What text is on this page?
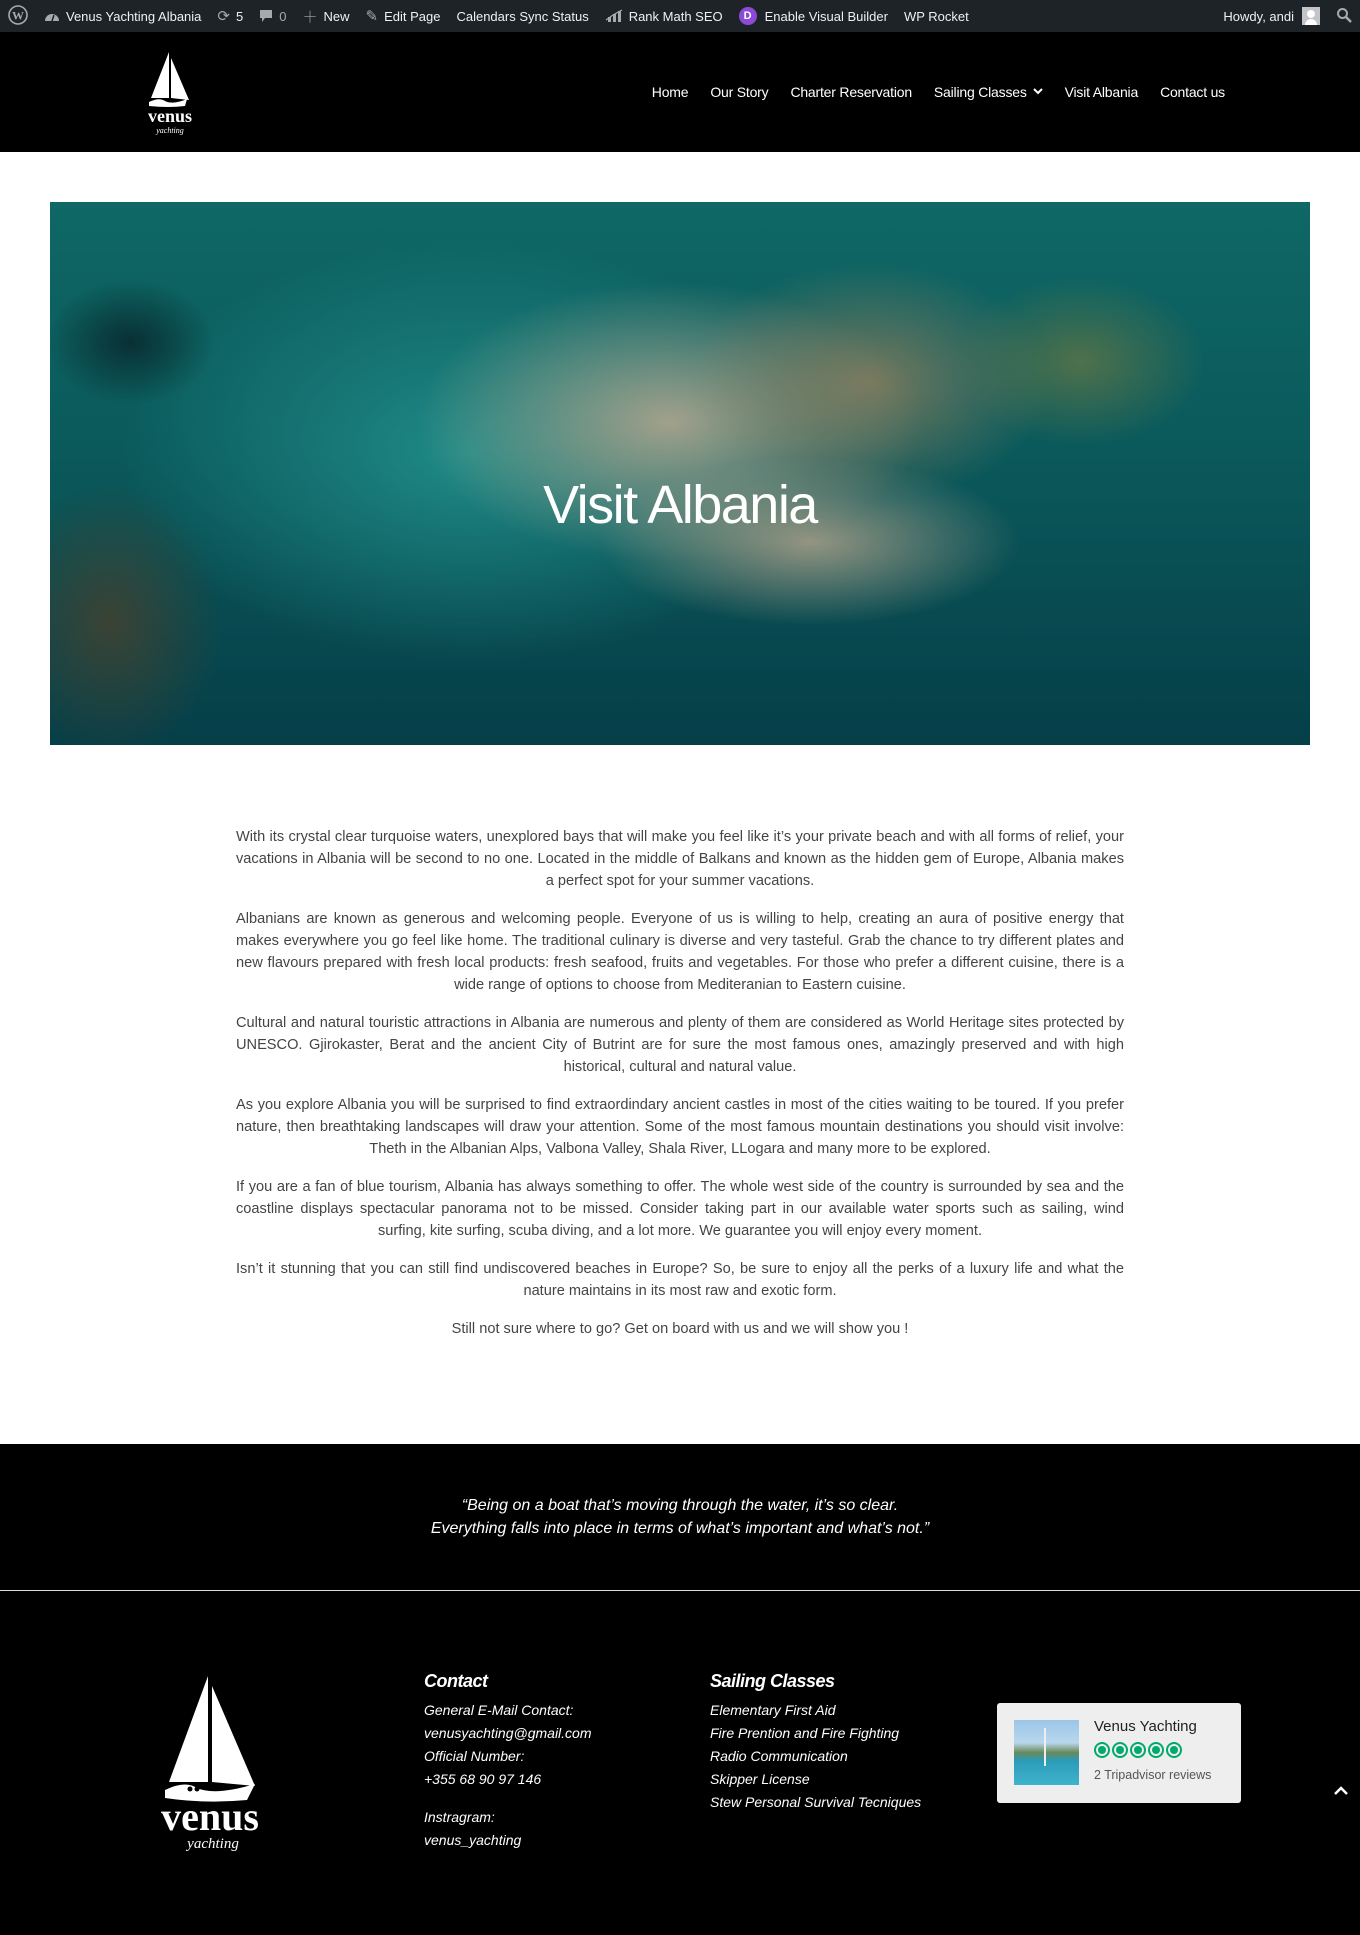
W	Venus Yachting Albania ⟳ 5	0 ＋ New ✎ Edit Page Calendars Sync Status	Rank Math SEO	D	Enable Visual Builder WP Rocket	Howdy, andi
venus
yachting
Home Our Story Charter Reservation Sailing Classes	Visit Albania Contact us
Visit Albania

With its crystal clear turquoise waters, unexplored bays that will make you feel like it’s your private beach and with all forms of relief, your vacations in Albania will be second to no one. Located in the middle of Balkans and known as the hidden gem of Europe, Albania makes a perfect spot for your summer vacations.

Albanians are known as generous and welcoming people. Everyone of us is willing to help, creating an aura of positive energy that makes everywhere you go feel like home. The traditional culinary is diverse and very tasteful. Grab the chance to try different plates and new flavours prepared with fresh local products: fresh seafood, fruits and vegetables. For those who prefer a different cuisine, there is a wide range of options to choose from Mediteranian to Eastern cuisine.

Cultural and natural touristic attractions in Albania are numerous and plenty of them are considered as World Heritage sites protected by UNESCO. Gjirokaster, Berat and the ancient City of Butrint are for sure the most famous ones, amazingly preserved and with high historical, cultural and natural value.

As you explore Albania you will be surprised to find extraordindary ancient castles in most of the cities waiting to be toured. If you prefer nature, then breathtaking landscapes will draw your attention. Some of the most famous mountain destinations you should visit involve: Theth in the Albanian Alps, Valbona Valley, Shala River, LLogara and many more to be explored.

If you are a fan of blue tourism, Albania has always something to offer. The whole west side of the country is surrounded by sea and the coastline displays spectacular panorama not to be missed. Consider taking part in our available water sports such as sailing, wind surfing, kite surfing, scuba diving, and a lot more. We guarantee you will enjoy every moment.

Isn’t it stunning that you can still find undiscovered beaches in Europe? So, be sure to enjoy all the perks of a luxury life and what the nature maintains in its most raw and exotic form.

Still not sure where to go? Get on board with us and we will show you !

“Being on a boat that’s moving through the water, it’s so clear.
Everything falls into place in terms of what’s important and what’s not.”
venus
yachting
Contact
General E-Mail Contact:
venusyachting@gmail.com
Official Number:
+355 68 90 97 146
Instragram:
venus_yachting
Sailing Classes
Elementary First Aid
Fire Prention and Fire Fighting
Radio Communication
Skipper License
Stew Personal Survival Tecniques
Venus Yachting
2 Tripadvisor reviews
